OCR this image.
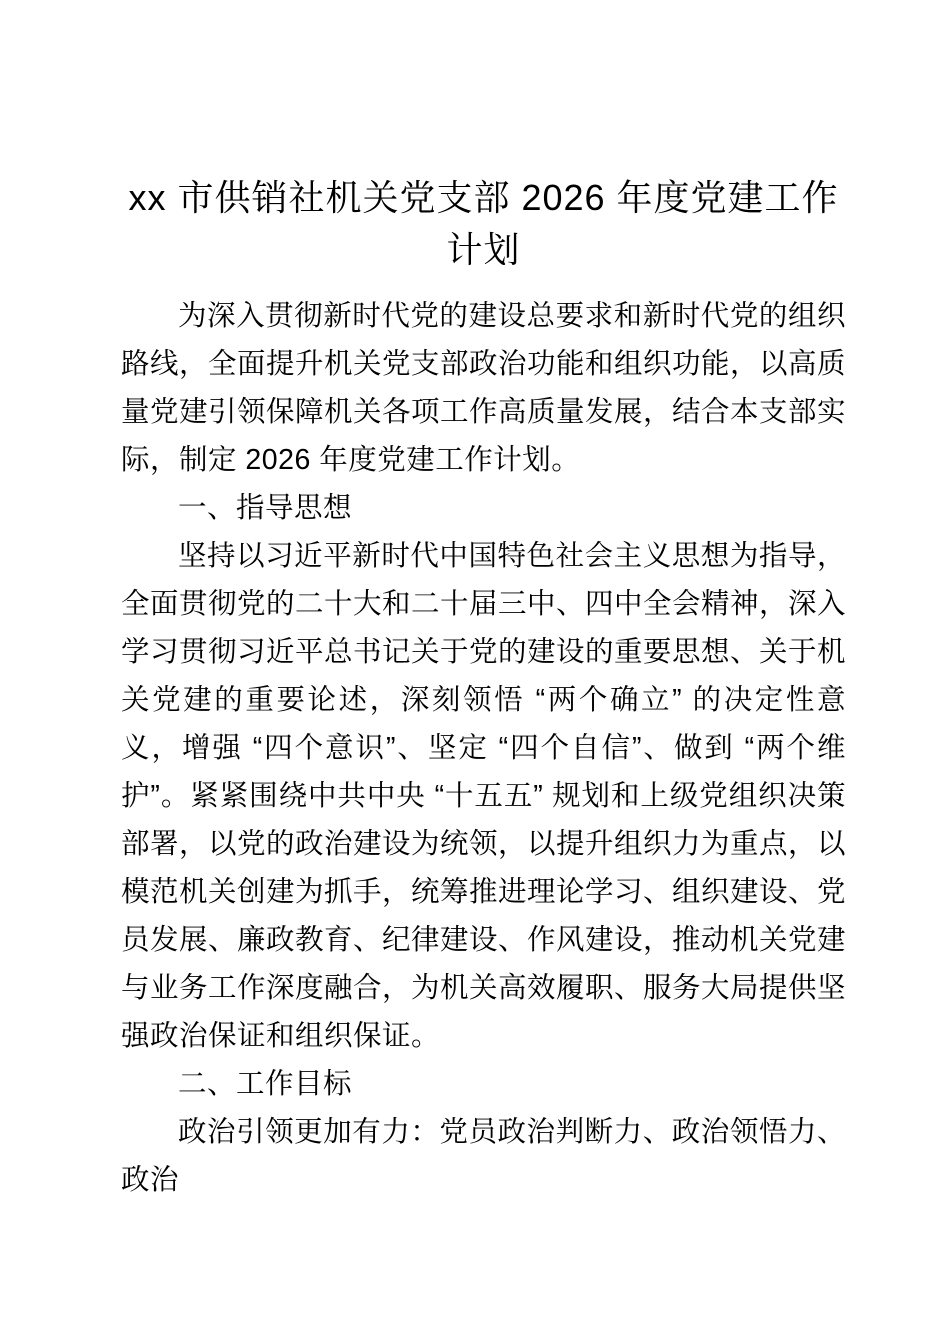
xx 市供销社机关党支部 2026 年度党建工作计划

为深入贯彻新时代党的建设总要求和新时代党的组织路线，全面提升机关党支部政治功能和组织功能，以高质量党建引领保障机关各项工作高质量发展，结合本支部实际，制定 2026 年度党建工作计划。

一、指导思想

坚持以习近平新时代中国特色社会主义思想为指导，全面贯彻党的二十大和二十届三中、四中全会精神，深入学习贯彻习近平总书记关于党的建设的重要思想、关于机关党建的重要论述，深刻领悟 “两个确立” 的决定性意义，增强 “四个意识”、坚定 “四个自信”、做到 “两个维护”。紧紧围绕中共中央 “十五五” 规划和上级党组织决策部署，以党的政治建设为统领，以提升组织力为重点，以模范机关创建为抓手，统筹推进理论学习、组织建设、党员发展、廉政教育、纪律建设、作风建设，推动机关党建与业务工作深度融合，为机关高效履职、服务大局提供坚强政治保证和组织保证。

二、工作目标

政治引领更加有力：党员政治判断力、政治领悟力、政治
